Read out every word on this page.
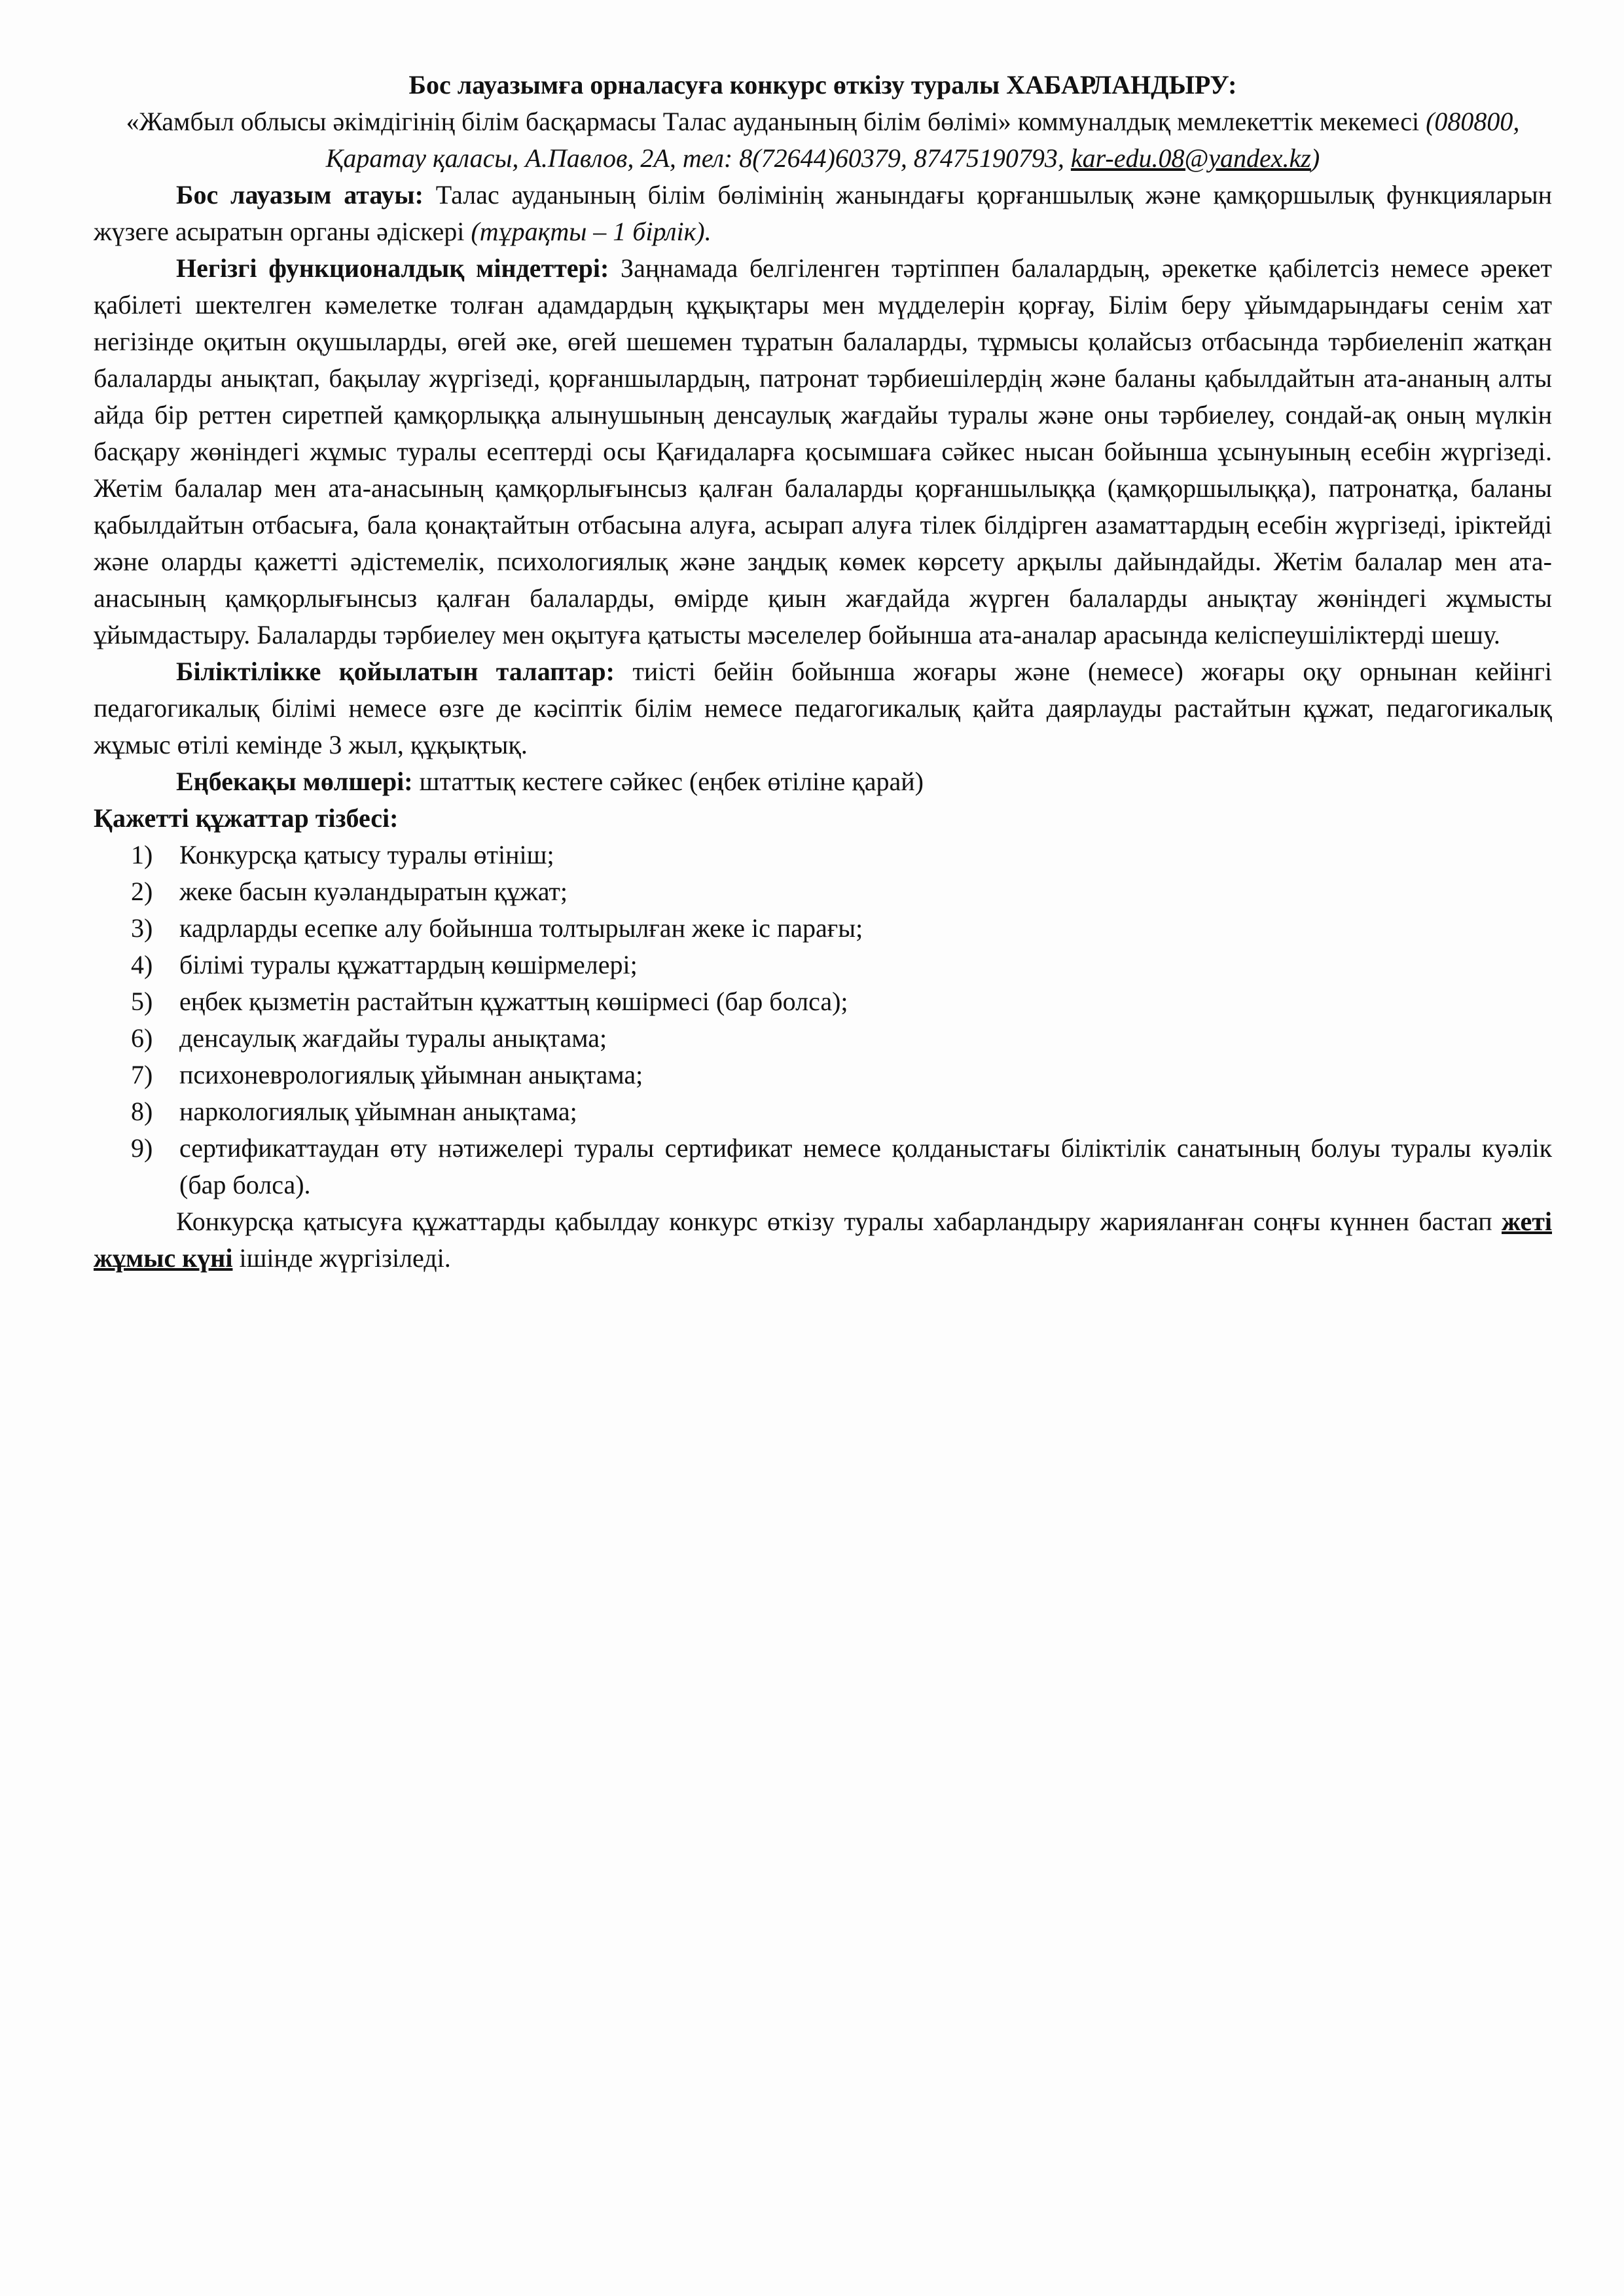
Бос лауазымға орналасуға конкурс өткізу туралы ХАБАРЛАНДЫРУ:

«Жамбыл облысы әкімдігінің білім басқармасы Талас ауданының білім бөлімі» коммуналдық мемлекеттік мекемесі (080800, Қаратау қаласы, А.Павлов, 2А, тел: 8(72644)60379, 87475190793, kar-edu.08@yandex.kz)

Бос лауазым атауы: Талас ауданының білім бөлімінің жанындағы қорғаншылық және қамқоршылық функцияларын жүзеге асыратын органы әдіскері (тұрақты – 1 бірлік).

Негізгі функционалдық міндеттері: Заңнамада белгіленген тәртіппен балалардың, әрекетке қабілетсіз немесе әрекет қабілеті шектелген кәмелетке толған адамдардың құқықтары мен мүдделерін қорғау, Білім беру ұйымдарындағы сенім хат негізінде оқитын оқушыларды, өгей әке, өгей шешемен тұратын балаларды, тұрмысы қолайсыз отбасында тәрбиеленіп жатқан балаларды анықтап, бақылау жүргізеді, қорғаншылардың, патронат тәрбиешілердің және баланы қабылдайтын ата-ананың алты айда бір реттен сиретпей қамқорлыққа алынушының денсаулық жағдайы туралы және оны тәрбиелеу, сондай-ақ оның мүлкін басқару жөніндегі жұмыс туралы есептерді осы Қағидаларға қосымшаға сәйкес нысан бойынша ұсынуының есебін жүргізеді. Жетім балалар мен ата-анасының қамқорлығынсыз қалған балаларды қорғаншылыққа (қамқоршылыққа), патронатқа, баланы қабылдайтын отбасыға, бала қонақтайтын отбасына алуға, асырап алуға тілек білдірген азаматтардың есебін жүргізеді, іріктейді және оларды қажетті әдістемелік, психологиялық және заңдық көмек көрсету арқылы дайындайды. Жетім балалар мен ата-анасының қамқорлығынсыз қалған балаларды, өмірде қиын жағдайда жүрген балаларды анықтау жөніндегі жұмысты ұйымдастыру. Балаларды тәрбиелеу мен оқытуға қатысты мәселелер бойынша ата-аналар арасында келіспеушіліктерді шешу.

Біліктілікке қойылатын талаптар: тиісті бейін бойынша жоғары және (немесе) жоғары оқу орнынан кейінгі педагогикалық білімі немесе өзге де кәсіптік білім немесе педагогикалық қайта даярлауды растайтын құжат, педагогикалық жұмыс өтілі кемінде 3 жыл, құқықтық.

Еңбекақы мөлшері: штаттық кестеге сәйкес (еңбек өтіліне қарай)

Қажетті құжаттар тізбесі:

1)	Конкурсқа қатысу туралы өтініш;
2)	жеке басын куәландыратын құжат;
3)	кадрларды есепке алу бойынша толтырылған жеке іс парағы;
4)	білімі туралы құжаттардың көшірмелері;
5)	еңбек қызметін растайтын құжаттың көшірмесі (бар болса);
6)	денсаулық жағдайы туралы анықтама;
7)	психоневрологиялық ұйымнан анықтама;
8)	наркологиялық ұйымнан анықтама;
9)	сертификаттаудан өту нәтижелері туралы сертификат немесе қолданыстағы біліктілік санатының болуы туралы куәлік (бар болса).

Конкурсқа қатысуға құжаттарды қабылдау конкурс өткізу туралы хабарландыру жарияланған соңғы күннен бастап жеті жұмыс күні ішінде жүргізіледі.
